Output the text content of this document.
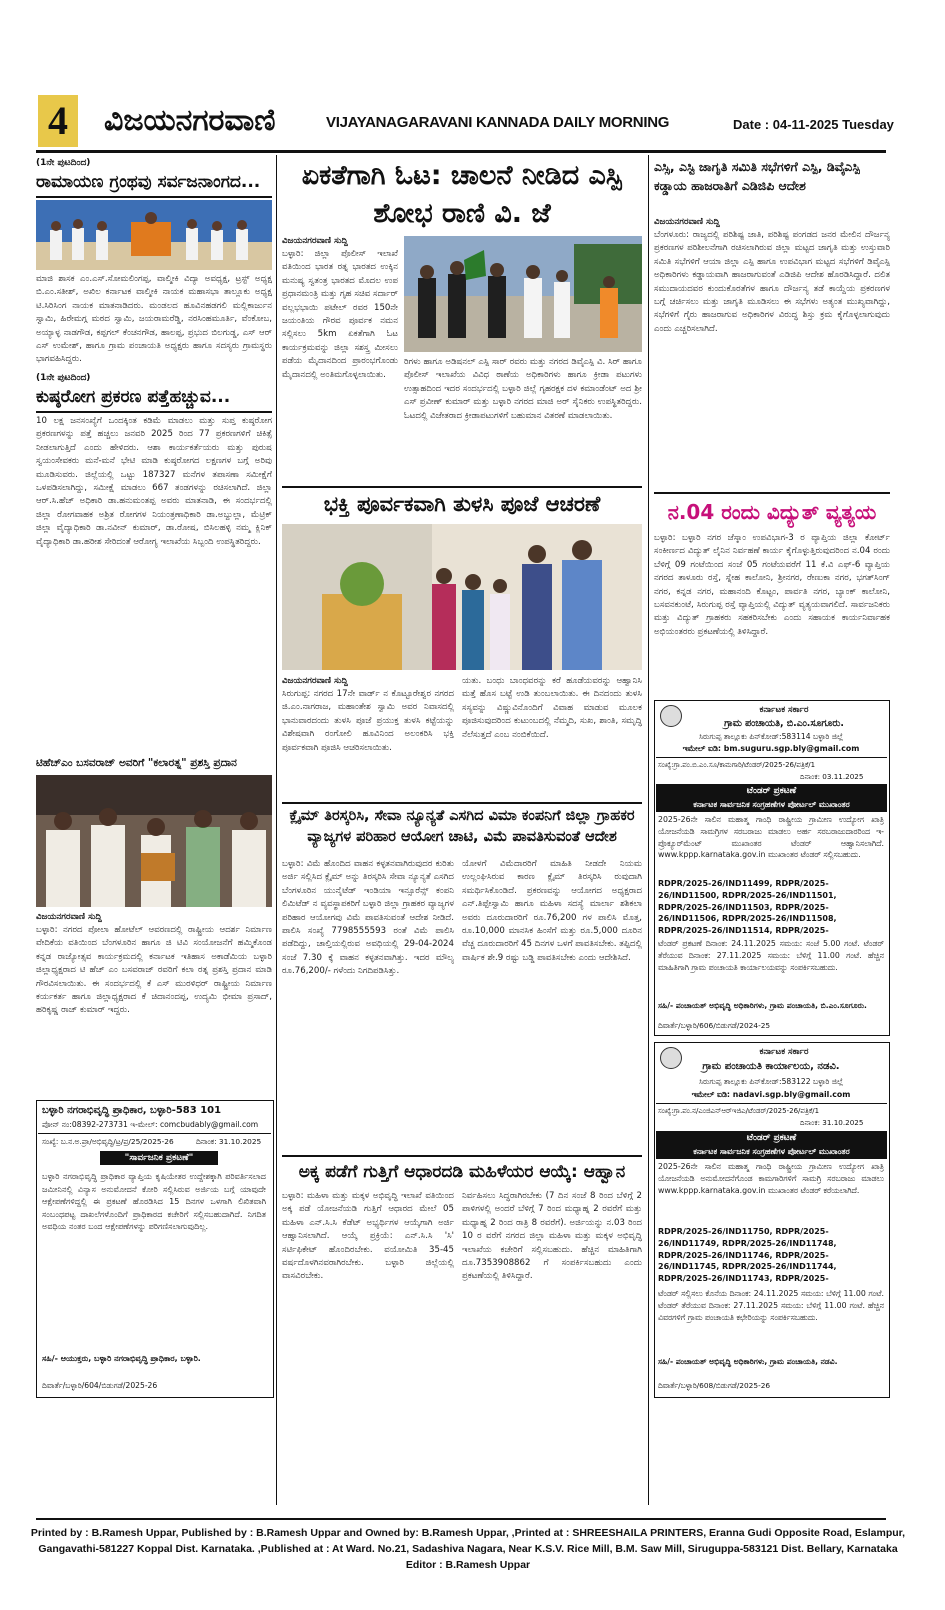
4	ವಿಜಯನಗರವಾಣಿ	VIJAYANAGARAVANI KANNADA DAILY MORNING	Date : 04-11-2025 Tuesday
(1ನೇ ಪುಟದಿಂದ)
ರಾಮಾಯಣ ಗ್ರಂಥವು ಸರ್ವಜನಾಂಗದ...
ಮಾಜಿ ಶಾಸಕ ಎಂ.ಎಸ್.ಸೋಮಲಿಂಗಪ್ಪ, ವಾಲ್ಮೀಕಿ ವಿದ್ಯಾ ಅವಧ್ಯಕ್ಷ, ಟ್ರಸ್ಟ್ ಅಧ್ಯಕ್ಷ ಬಿ.ಎಂ.ಸತೀಶ್, ಅಖಿಲ ಕರ್ನಾಟಕ ವಾಲ್ಮೀಕಿ ನಾಯಕ ಮಹಾಸಭಾ ತಾಲ್ಲೂಕು ಅಧ್ಯಕ್ಷ ಟಿ.ಸಿರಿಸಿಂಗ ನಾಯಕ ಮಾತನಾಡಿದರು. ಮಂಡಲದ ಹೂವಿನಹಡಗಲಿ ಮಲ್ಲಿಕಾರ್ಜುನ ಸ್ವಾಮಿ, ಹಿರೇಮಗ್ಗ ಮಠದ ಸ್ವಾಮಿ, ಜಯರಾಮರೆಡ್ಡಿ, ನರಸಿಂಹಮೂರ್ತಿ, ವೆಂಕೋಬ, ಅಯ್ಯಾಳ್ಳ ನಾಡಗೌಡ, ಕಪ್ಪಗಲ್ ಕೆಂಚನಗೌಡ, ಹಾಲಪ್ಪ, ಪ್ರಭುದ ಬಿಲಗುಡ್ಡ, ಎಸ್ ಆರ್ ಎಸ್ ಉಮೇಶ್, ಹಾಗೂ ಗ್ರಾಮ ಪಂಚಾಯತಿ ಅಧ್ಯಕ್ಷರು ಹಾಗೂ ಸದಸ್ಯರು ಗ್ರಾಮಸ್ಥರು ಭಾಗವಹಿಸಿದ್ದರು.
(1ನೇ ಪುಟದಿಂದ)
ಕುಷ್ಠರೋಗ ಪ್ರಕರಣ ಪತ್ತೆಹಚ್ಚುವ...
10 ಲಕ್ಷ ಜನಸಂಖ್ಯೆಗೆ ಒಂದಕ್ಕಿಂತ ಕಡಿಮೆ ಮಾಡಲು ಮತ್ತು ಸುಪ್ತ ಕುಷ್ಠರೋಗ ಪ್ರಕರಣಗಳನ್ನು ಪತ್ತೆ ಹಚ್ಚಲು ಜನವರಿ 2025 ರಿಂದ 77 ಪ್ರಕರಣಗಳಿಗೆ ಚಿಕಿತ್ಸೆ ನೀಡಲಾಗುತ್ತಿದೆ ಎಂದು ಹೇಳಿದರು. ಆಶಾ ಕಾರ್ಯಕರ್ತೆಯರು ಮತ್ತು ಪುರುಷ ಸ್ವಯಂಸೇವಕರು ಮನೆ-ಮನೆ ಭೇಟಿ ಮಾಡಿ ಕುಷ್ಠರೋಗದ ಲಕ್ಷಣಗಳ ಬಗ್ಗೆ ಅರಿವು ಮೂಡಿಸುವರು. ಜಿಲ್ಲೆಯಲ್ಲಿ ಒಟ್ಟು 187327 ಮನೆಗಳ ತಪಾಸಣಾ ಸಮೀಕ್ಷೆಗೆ ಒಳಪಡಿಸಲಾಗಿದ್ದು, ಸಮೀಕ್ಷೆ ಮಾಡಲು 667 ತಂಡಗಳನ್ನು ರಚಿಸಲಾಗಿದೆ. ಜಿಲ್ಲಾ ಆರ್.ಸಿ.ಹೆಚ್ ಅಧಿಕಾರಿ ಡಾ.ಹನುಮಂತಪ್ಪ ಅವರು ಮಾತನಾಡಿ, ಈ ಸಂದರ್ಭದಲ್ಲಿ ಜಿಲ್ಲಾ ರೋಗವಾಹಕ ಅಶ್ರಿತ ರೋಗಗಳ ನಿಯಂತ್ರಣಾಧಿಕಾರಿ ಡಾ.ಅಬ್ದುಲ್ಲಾ, ಮೆಟ್ರಿಕ್ ಜಿಲ್ಲಾ ವೈದ್ಯಾಧಿಕಾರಿ ಡಾ.ನವೀನ್ ಕುಮಾರ್, ಡಾ.ರೋಷ, ಬಿಸಿಲಹಳ್ಳಿ ನಮ್ಮ ಕ್ಲಿನಿಕ್ ವೈದ್ಯಾಧಿಕಾರಿ ಡಾ.ಹರೀಶ ಸೇರಿದಂತೆ ಆರೋಗ್ಯ ಇಲಾಖೆಯ ಸಿಬ್ಬಂದಿ ಉಪಸ್ಥಿತರಿದ್ದರು.
ಟಿಹೆಚ್‌ಎಂ ಬಸವರಾಜ್ ಅವರಿಗೆ "ಕಲಾರತ್ನ" ಪ್ರಶಸ್ತಿ ಪ್ರದಾನ
ವಿಜಯನಗರವಾಣಿ ಸುದ್ದಿ
ಬಳ್ಳಾರಿ: ನಗರದ ಪೋಲಾ ಹೋಟೆಲ್ ಆವರಣದಲ್ಲಿ ರಾಷ್ಟ್ರೀಯ ಆದರ್ಶ ನಿರ್ಮಾಣ ವೇದಿಕೆಯ ವತಿಯಿಂದ ಬೆಂಗಳೂರಿನ ಹಾಗೂ ಜಿ ಟಿವಿ ಸಂಯೋಜನೆಗೆ ಹಮ್ಮಿಕೊಂಡ ಕನ್ನಡ ರಾಜ್ಯೋತ್ಸವ ಕಾರ್ಯಕ್ರಮದಲ್ಲಿ ಕರ್ನಾಟಕ ಇತಿಹಾಸ ಅಕಾಡೆಮಿಯ ಬಳ್ಳಾರಿ ಜಿಲ್ಲಾಧ್ಯಕ್ಷರಾದ ಟಿ ಹೆಚ್ ಎಂ ಬಸವರಾಜ್ ರವರಿಗೆ ಕಲಾ ರತ್ನ ಪ್ರಶಸ್ತಿ ಪ್ರದಾನ ಮಾಡಿ ಗೌರವಿಸಲಾಯಿತು. ಈ ಸಂದರ್ಭದಲ್ಲಿ ಕೆ ಎಸ್ ಮುರಳಿಧರ್ ರಾಷ್ಟ್ರೀಯ ನಿರ್ಮಾಣ ಕರ್ಯಕರ್ತ ಹಾಗೂ ಜಿಲ್ಲಾಧ್ಯಕ್ಷರಾದ ಕೆ ಚಿದಾನಂದಪ್ಪ, ಉದ್ಯಮಿ ಭೀಮಾ ಪ್ರಸಾದ್, ಹರಿಕೃಷ್ಣ ರಾಜ್ ಕುಮಾರ್ ಇದ್ದರು.
ಬಳ್ಳಾರಿ ನಗರಾಭಿವೃದ್ಧಿ ಪ್ರಾಧಿಕಾರ, ಬಳ್ಳಾರಿ-583 101
ಪೋನ್ ನಂ:08392-273731 ಇ-ಮೇಲ್: comcbudably@gmail.com
ಸಂಖ್ಯೆ: ಬ.ನ.ಅ.ಪ್ರಾ/ಅಭಿವೃದ್ಧಿ/ಟ್ರ/ಪ್ರ/25/2025-26	ದಿನಾಂಕ: 31.10.2025
"ಸಾರ್ವಜನಿಕ ಪ್ರಕಟಣೆ"
ಬಳ್ಳಾರಿ ನಗರಾಭಿವೃದ್ಧಿ ಪ್ರಾಧಿಕಾರ ವ್ಯಾಪ್ತಿಯ ಕೃಷಿಯೇತರ ಉದ್ದೇಶಕ್ಕಾಗಿ ಪರಿವರ್ತಿಸಲಾದ ಜಮೀನಿನಲ್ಲಿ ವಿನ್ಯಾಸ ಅನುಮೋದನೆ ಕೋರಿ ಸಲ್ಲಿಸಿರುವ ಅರ್ಜಿಯ ಬಗ್ಗೆ ಯಾವುದೇ ಆಕ್ಷೇಪಣೆಗಳಿದ್ದಲ್ಲಿ ಈ ಪ್ರಕಟಣೆ ಹೊರಡಿಸಿದ 15 ದಿನಗಳ ಒಳಗಾಗಿ ಲಿಖಿತವಾಗಿ ಸಂಬಂಧಪಟ್ಟ ದಾಖಲೆಗಳೊಂದಿಗೆ ಪ್ರಾಧಿಕಾರದ ಕಚೇರಿಗೆ ಸಲ್ಲಿಸಬಹುದಾಗಿದೆ. ನಿಗದಿತ ಅವಧಿಯ ನಂತರ ಬಂದ ಆಕ್ಷೇಪಣೆಗಳನ್ನು ಪರಿಗಣಿಸಲಾಗುವುದಿಲ್ಲ.
ಸಹಿ/- ಆಯುಕ್ತರು, ಬಳ್ಳಾರಿ ನಗರಾಭಿವೃದ್ಧಿ ಪ್ರಾಧಿಕಾರ, ಬಳ್ಳಾರಿ.
ದಿವಾರ್ತೆ/ಬಳ್ಳಾರಿ/604/ಬಿಡುಗಡೆ/2025-26
ಏಕತೆಗಾಗಿ ಓಟ: ಚಾಲನೆ ನೀಡಿದ ಎಸ್ಪಿ ಶೋಭ ರಾಣಿ ವಿ. ಜೆ
ವಿಜಯನಗರವಾಣಿ ಸುದ್ದಿ
ಬಳ್ಳಾರಿ: ಜಿಲ್ಲಾ ಪೊಲೀಸ್ ಇಲಾಖೆ ವತಿಯಿಂದ ಭಾರತ ರತ್ನ ಭಾರತದ ಉಕ್ಕಿನ ಮನುಷ್ಯ ಸ್ವತಂತ್ರ ಭಾರತದ ಮೊದಲ ಉಪ ಪ್ರಧಾನಮಂತ್ರಿ ಮತ್ತು ಗೃಹ ಸಚಿವ ಸರ್ದಾರ್ ವಲ್ಲಭಭಾಯಿ ಪಟೇಲ್ ರವರ 150ನೇ ಜಯಂತಿಯ ಗೌರವ ಪೂರ್ವಕ ನಮನ ಸಲ್ಲಿಸಲು 5km ಏಕತೆಗಾಗಿ ಓಟ ಕಾರ್ಯಕ್ರಮವನ್ನು ಜಿಲ್ಲಾ ಸಶಸ್ತ್ರ ಮೀಸಲು ಪಡೆಯ ಮೈದಾನದಿಂದ ಪ್ರಾರಂಭಗೊಂಡು ಮೈದಾನದಲ್ಲಿ ಅಂತಿಮಗೊಳ್ಳಲಾಯಿತು.
ರಿಗಳು ಹಾಗೂ ಅಡಿಷನಲ್ ಎಸ್ಪಿ ಸಾರ್ ರವರು ಮತ್ತು ನಗರದ ಡಿವೈಎಸ್ಪಿ ವಿ. ಸಿರ್ ಹಾಗೂ ಪೊಲೀಸ್ ಇಲಾಖೆಯ ವಿವಿಧ ಠಾಣೆಯ ಅಧಿಕಾರಿಗಳು ಹಾಗೂ ಕ್ರೀಡಾ ಪಟುಗಳು ಉತ್ಸಾಹದಿಂದ ಇದರ ಸಂದರ್ಭದಲ್ಲಿ ಬಳ್ಳಾರಿ ಜಿಲ್ಲೆ ಗೃಹರಕ್ಷಕ ದಳ ಕಮಾಂಡೆಂಟ್ ಅದ ಶ್ರೀ ಎಸ್ ಪ್ರವೀಣ್ ಕುಮಾರ್ ಮತ್ತು ಬಳ್ಳಾರಿ ನಗರದ ಮಾಜಿ ಅರ್ ಸೈನಿಕರು ಉಪಸ್ಥಿತರಿದ್ದರು. ಓಟದಲ್ಲಿ ವಿಜೇತರಾದ ಕ್ರೀಡಾಪಟುಗಳಿಗೆ ಬಹುಮಾನ ವಿತರಣೆ ಮಾಡಲಾಯಿತು.
ಭಕ್ತಿ ಪೂರ್ವಕವಾಗಿ ತುಳಸಿ ಪೂಜೆ ಆಚರಣೆ
ವಿಜಯನಗರವಾಣಿ ಸುದ್ದಿ
ಸಿರುಗುಪ್ಪ: ನಗರದ 17ನೇ ವಾರ್ಡ್ ನ ಕೊಟ್ಟೂರೇಶ್ವರ ನಗರದ ಜಿ.ಎಂ.ನಾಗರಾಜ, ಮಹಾಂತೇಶ ಸ್ವಾಮಿ ಅವರ ನಿವಾಸದಲ್ಲಿ ಭಾನುವಾರದಂದು ತುಳಸಿ ಪೂಜೆ ಪ್ರಯುಕ್ತ ತುಳಸಿ ಕಟ್ಟೆಯನ್ನು ವಿಶೇಷವಾಗಿ ರಂಗೋಲಿ ಹೂವಿನಿಂದ ಅಲಂಕರಿಸಿ ಭಕ್ತಿ ಪೂರ್ವಕವಾಗಿ ಪೂಜಿಸಿ ಆಚರಿಸಲಾಯಿತು.
ಯತು. ಬಂಧು ಬಾಂಧವರನ್ನು ಕರೆ ಹೂಡೆಯವರನ್ನು ಆಹ್ವಾನಿಸಿ ಮತ್ತೆ ಹೊಸ ಬಟ್ಟೆ ಉಡಿ ತುಂಬಲಾಯಿತು. ಈ ದಿನದಂದು ತುಳಸಿ ಸಸ್ಯವನ್ನು ವಿಷ್ಣುವಿನೊಂದಿಗೆ ವಿವಾಹ ಮಾಡುವ ಮೂಲಕ ಪೂಜಿಸುವುದರಿಂದ ಕುಟುಂಬದಲ್ಲಿ ನೆಮ್ಮದಿ, ಸುಖ, ಶಾಂತಿ, ಸಮೃದ್ಧಿ ನೆಲೆಸುತ್ತದೆ ಎಂಬ ನಂಬಿಕೆಯಿದೆ.
ಕ್ಲೈಮ್ ತಿರಸ್ಕರಿಸಿ, ಸೇವಾ ನ್ಯೂನ್ಯತೆ ಎಸಗಿದ ವಿಮಾ ಕಂಪನಿಗೆ ಜಿಲ್ಲಾ ಗ್ರಾಹಕರ ವ್ಯಾಜ್ಯಗಳ ಪರಿಹಾರ ಆಯೋಗ ಚಾಟಿ, ವಿಮೆ ಪಾವತಿಸುವಂತೆ ಆದೇಶ
ಬಳ್ಳಾರಿ: ವಿಮೆ ಹೊಂದಿದ ವಾಹನ ಕಳ್ಳತನವಾಗಿರುವುದರ ಕುರಿತು ಅರ್ಜಿ ಸಲ್ಲಿಸಿದ ಕ್ಲೈಮ್ ಅನ್ನು ತಿರಸ್ಕರಿಸಿ ಸೇವಾ ನ್ಯೂನ್ಯತೆ ಎಸಗಿದ ಬೆಂಗಳೂರಿನ ಯುನೈಟೆಡ್ ಇಂಡಿಯಾ ಇನ್ಸೂರೆನ್ಸ್ ಕಂಪನಿ ಲಿಮಿಟೆಡ್ ನ ವ್ಯವಸ್ಥಾಪಕರಿಗೆ ಬಳ್ಳಾರಿ ಜಿಲ್ಲಾ ಗ್ರಾಹಕರ ವ್ಯಾಜ್ಯಗಳ ಪರಿಹಾರ ಆಯೋಗವು ವಿಮೆ ಪಾವತಿಸುವಂತೆ ಆದೇಶ ನೀಡಿದೆ. ಪಾಲಿಸಿ ಸಂಖ್ಯೆ 7798555593 ರಂತೆ ವಿಮೆ ಪಾಲಿಸಿ ಪಡೆದಿದ್ದು, ಚಾಲ್ತಿಯಲ್ಲಿರುವ ಅವಧಿಯಲ್ಲಿ 29-04-2024 ಸಂಜೆ 7.30 ಕ್ಕೆ ವಾಹನ ಕಳ್ಳತನವಾಗಿತ್ತು. ಇದರ ಮೌಲ್ಯ ರೂ.76,200/- ಗಳೆಂದು ನಿಗದಿಪಡಿಸಿತ್ತು.
ಯೋಳಗೆ ವಿಮೆದಾರರಿಗೆ ಮಾಹಿತಿ ನೀಡದೇ ನಿಯಮ ಉಲ್ಲಂಘಿಸಿರುವ ಕಾರಣ ಕ್ಲೈಮ್ ತಿರಸ್ಕರಿಸಿ ರುವುದಾಗಿ ಸಮರ್ಥಿಸಿಕೊಂಡಿದೆ. ಪ್ರಕರಣವನ್ನು ಆಯೋಗದ ಅಧ್ಯಕ್ಷರಾದ ಎನ್.ತಿಪ್ಪೇಸ್ವಾಮಿ ಹಾಗೂ ಮಹಿಳಾ ಸದಸ್ಯೆ ಮಾರ್ಲಾ ಶಶಿಕಲಾ ಅವರು ದೂರುದಾರರಿಗೆ ರೂ.76,200 ಗಳ ಪಾಲಿಸಿ ಮೊತ್ತ, ರೂ.10,000 ಮಾನಸಿಕ ಹಿಂಸೆಗೆ ಮತ್ತು ರೂ.5,000 ದೂರಿನ ವೆಚ್ಚ ದೂರುದಾರರಿಗೆ 45 ದಿನಗಳ ಒಳಗೆ ಪಾವತಿಸಬೇಕು. ತಪ್ಪಿದಲ್ಲಿ ವಾರ್ಷಿಕ ಶೇ.9 ರಷ್ಟು ಬಡ್ಡಿ ಪಾವತಿಸಬೇಕು ಎಂದು ಆದೇಶಿಸಿದೆ.
ಅಕ್ಕ ಪಡೆಗೆ ಗುತ್ತಿಗೆ ಆಧಾರದಡಿ ಮಹಿಳೆಯರ ಆಯ್ಕೆ: ಆಹ್ವಾನ
ಬಳ್ಳಾರಿ: ಮಹಿಳಾ ಮತ್ತು ಮಕ್ಕಳ ಅಭಿವೃದ್ಧಿ ಇಲಾಖೆ ವತಿಯಿಂದ ಅಕ್ಕ ಪಡೆ ಯೋಜನೆಯಡಿ ಗುತ್ತಿಗೆ ಆಧಾರದ ಮೇಲೆ 05 ಮಹಿಳಾ ಎನ್.ಸಿ.ಸಿ ಕೆಡೆಟ್ ಅಭ್ಯರ್ಥಿಗಳ ಆಯ್ಕೆಗಾಗಿ ಅರ್ಜಿ ಆಹ್ವಾನಿಸಲಾಗಿದೆ. ಆಯ್ಕೆ ಪ್ರಕ್ರಿಯೆ: ಎನ್.ಸಿ.ಸಿ 'ಸಿ' ಸರ್ಟಿಫಿಕೇಟ್ ಹೊಂದಿರಬೇಕು. ವಯೋಮಿತಿ 35-45 ವರ್ಷದೊಳಗಿನವರಾಗಿರಬೇಕು. ಬಳ್ಳಾರಿ ಜಿಲ್ಲೆಯಲ್ಲಿ ವಾಸವಿರಬೇಕು.
ನಿರ್ವಹಿಸಲು ಸಿದ್ಧರಾಗಿರಬೇಕು (7 ದಿನ ಸಂಜೆ 8 ರಿಂದ ಬೆಳಿಗ್ಗೆ 2 ಪಾಳಿಗಳಲ್ಲಿ ಅಂದರೆ ಬೆಳಿಗ್ಗೆ 7 ರಿಂದ ಮಧ್ಯಾಹ್ನ 2 ರವರೆಗೆ ಮತ್ತು ಮಧ್ಯಾಹ್ನ 2 ರಿಂದ ರಾತ್ರಿ 8 ರವರೆಗೆ). ಅರ್ಜಿಯನ್ನು ನ.03 ರಿಂದ 10 ರ ವರೆಗೆ ನಗರದ ಜಿಲ್ಲಾ ಮಹಿಳಾ ಮತ್ತು ಮಕ್ಕಳ ಅಭಿವೃದ್ಧಿ ಇಲಾಖೆಯ ಕಚೇರಿಗೆ ಸಲ್ಲಿಸಬಹುದು. ಹೆಚ್ಚಿನ ಮಾಹಿತಿಗಾಗಿ ದೂ.7353908862 ಗೆ ಸಂಪರ್ಕಿಸಬಹುದು ಎಂದು ಪ್ರಕಟಣೆಯಲ್ಲಿ ತಿಳಿಸಿದ್ದಾರೆ.
ಎಸ್ಸಿ, ಎಸ್ಟಿ ಜಾಗೃತಿ ಸಮಿತಿ ಸಭೆಗಳಿಗೆ ಎಸ್ಪಿ, ಡಿವೈಎಸ್ಪಿ ಕಡ್ಡಾಯ ಹಾಜರಾತಿಗೆ ಎಡಿಜಿಪಿ ಆದೇಶ
ವಿಜಯನಗರವಾಣಿ ಸುದ್ದಿ
ಬೆಂಗಳೂರು: ರಾಜ್ಯದಲ್ಲಿ ಪರಿಶಿಷ್ಟ ಜಾತಿ, ಪರಿಶಿಷ್ಟ ಪಂಗಡದ ಜನರ ಮೇಲಿನ ದೌರ್ಜನ್ಯ ಪ್ರಕರಣಗಳ ಪರಿಶೀಲನೆಗಾಗಿ ರಚಿಸಲಾಗಿರುವ ಜಿಲ್ಲಾ ಮಟ್ಟದ ಜಾಗೃತಿ ಮತ್ತು ಉಸ್ತುವಾರಿ ಸಮಿತಿ ಸಭೆಗಳಿಗೆ ಆಯಾ ಜಿಲ್ಲಾ ಎಸ್ಪಿ ಹಾಗೂ ಉಪವಿಭಾಗ ಮಟ್ಟದ ಸಭೆಗಳಿಗೆ ಡಿವೈಎಸ್ಪಿ ಅಧಿಕಾರಿಗಳು ಕಡ್ಡಾಯವಾಗಿ ಹಾಜರಾಗುವಂತೆ ಎಡಿಜಿಪಿ ಆದೇಶ ಹೊರಡಿಸಿದ್ದಾರೆ. ದಲಿತ ಸಮುದಾಯದವರ ಕುಂದುಕೊರತೆಗಳ ಹಾಗೂ ದೌರ್ಜನ್ಯ ತಡೆ ಕಾಯ್ದೆಯ ಪ್ರಕರಣಗಳ ಬಗ್ಗೆ ಚರ್ಚಿಸಲು ಮತ್ತು ಜಾಗೃತಿ ಮೂಡಿಸಲು ಈ ಸಭೆಗಳು ಅತ್ಯಂತ ಮುಖ್ಯವಾಗಿದ್ದು, ಸಭೆಗಳಿಗೆ ಗೈರು ಹಾಜರಾಗುವ ಅಧಿಕಾರಿಗಳ ವಿರುದ್ಧ ಶಿಸ್ತು ಕ್ರಮ ಕೈಗೊಳ್ಳಲಾಗುವುದು ಎಂದು ಎಚ್ಚರಿಸಲಾಗಿದೆ.
ನ.04 ರಂದು ವಿದ್ಯುತ್ ವ್ಯತ್ಯಯ
ಬಳ್ಳಾರಿ: ಬಳ್ಳಾರಿ ನಗರ ಜೆಸ್ಕಾಂ ಉಪವಿಭಾಗ-3 ರ ವ್ಯಾಪ್ತಿಯ ಜಿಲ್ಲಾ ಕೋರ್ಟ್ ಸಂಕೀರ್ಣದ ವಿದ್ಯುತ್ ಲೈನಿನ ನಿರ್ವಹಣೆ ಕಾರ್ಯ ಕೈಗೊಳ್ಳುತ್ತಿರುವುದರಿಂದ ನ.04 ರಂದು ಬೆಳಿಗ್ಗೆ 09 ಗಂಟೆಯಿಂದ ಸಂಜೆ 05 ಗಂಟೆಯವರೆಗೆ 11 ಕೆ.ವಿ ಎಫ್-6 ವ್ಯಾಪ್ತಿಯ ನಗರದ ತಾಳೂರು ರಸ್ತೆ, ಸ್ನೇಹ ಕಾಲೋನಿ, ಶ್ರೀನಗರ, ರೇಣುಕಾ ನಗರ, ಭಗತ್‌ಸಿಂಗ್ ನಗರ, ಕನ್ನಡ ನಗರ, ಮಹಾನಂದಿ ಕೊಟ್ಟಂ, ಪಾರ್ವತಿ ನಗರ, ಬ್ಯಾಂಕ್ ಕಾಲೋನಿ, ಬಸವನಕುಂಟೆ, ಸಿರುಗುಪ್ಪ ರಸ್ತೆ ವ್ಯಾಪ್ತಿಯಲ್ಲಿ ವಿದ್ಯುತ್ ವ್ಯತ್ಯಯವಾಗಲಿದೆ. ಸಾರ್ವಜನಿಕರು ಮತ್ತು ವಿದ್ಯುತ್ ಗ್ರಾಹಕರು ಸಹಕರಿಸಬೇಕು ಎಂದು ಸಹಾಯಕ ಕಾರ್ಯನಿರ್ವಾಹಕ ಅಭಿಯಂತರರು ಪ್ರಕಟಣೆಯಲ್ಲಿ ತಿಳಿಸಿದ್ದಾರೆ.
ಕರ್ನಾಟಕ ಸರ್ಕಾರ
ಗ್ರಾಮ ಪಂಚಾಯತಿ, ಬಿ.ಎಂ.ಸೂಗೂರು.
ಸಿರುಗುಪ್ಪ ತಾಲ್ಲೂಕು ಪಿನ್‌ಕೋಡ್:583114 ಬಳ್ಳಾರಿ ಜಿಲ್ಲೆ
ಇಮೇಲ್ ಐಡಿ: bm.suguru.sgp.bly@gmail.com
ಸಂಖ್ಯೆ:ಗ್ರಾ.ಪಂ.ಬಿ.ಎಂ.ಸೂ/ಕಾಮಗಾರಿ/ಟೆಂಡರ್/2025-26/ಪತ್ರಿಕೆ/1
ದಿನಾಂಕ: 03.11.2025
ಟೆಂಡರ್ ಪ್ರಕಟಣೆ
ಕರ್ನಾಟಕ ಸಾರ್ವಜನಿಕ ಸಂಗ್ರಹಣೆಗಳ ಪೋರ್ಟಲ್ ಮುಖಾಂತರ
2025-26ನೇ ಸಾಲಿನ ಮಹಾತ್ಮ ಗಾಂಧಿ ರಾಷ್ಟ್ರೀಯ ಗ್ರಾಮೀಣ ಉದ್ಯೋಗ ಖಾತ್ರಿ ಯೋಜನೆಯಡಿ ಸಾಮಗ್ರಿಗಳ ಸರಬರಾಜು ಮಾಡಲು ಅರ್ಹ ಸರಬರಾಜುದಾರರಿಂದ ಇ-ಪ್ರೊಕ್ಯೂರ್‌ಮೆಂಟ್ ಮುಖಾಂತರ ಟೆಂಡರ್ ಆಹ್ವಾನಿಸಲಾಗಿದೆ. www.kppp.karnataka.gov.in ಮುಖಾಂತರ ಟೆಂಡರ್ ಸಲ್ಲಿಸಬಹುದು.
RDPR/2025-26/IND11499, RDPR/2025-26/IND11500, RDPR/2025-26/IND11501, RDPR/2025-26/IND11503, RDPR/2025-26/IND11506, RDPR/2025-26/IND11508, RDPR/2025-26/IND11514, RDPR/2025-
ಟೆಂಡರ್ ಪ್ರಕಟಣೆ ದಿನಾಂಕ: 24.11.2025 ಸಮಯ: ಸಂಜೆ 5.00 ಗಂಟೆ. ಟೆಂಡರ್ ತೆರೆಯುವ ದಿನಾಂಕ: 27.11.2025 ಸಮಯ: ಬೆಳಿಗ್ಗೆ 11.00 ಗಂಟೆ. ಹೆಚ್ಚಿನ ಮಾಹಿತಿಗಾಗಿ ಗ್ರಾಮ ಪಂಚಾಯತಿ ಕಾರ್ಯಾಲಯವನ್ನು ಸಂಪರ್ಕಿಸಬಹುದು.
ಸಹಿ/- ಪಂಚಾಯತ್ ಅಭಿವೃದ್ಧಿ ಅಧಿಕಾರಿಗಳು, ಗ್ರಾಮ ಪಂಚಾಯತಿ, ಬಿ.ಎಂ.ಸೂಗೂರು.
ದಿವಾರ್ತೆ/ಬಳ್ಳಾರಿ/606/ಬಿಡುಗಡೆ/2024-25
ಕರ್ನಾಟಕ ಸರ್ಕಾರ
ಗ್ರಾಮ ಪಂಚಾಯತಿ ಕಾರ್ಯಾಲಯ, ನಡವಿ.
ಸಿರುಗುಪ್ಪ ತಾಲ್ಲೂಕು ಪಿನ್‌ಕೋಡ್:583122 ಬಳ್ಳಾರಿ ಜಿಲ್ಲೆ
ಇಮೇಲ್ ಐಡಿ: nadavi.sgp.bly@gmail.com
ಸಂಖ್ಯೆ:ಗ್ರಾ.ಪಂ.ನ/ಎಂಜಿಎನ್‌ಆರ್‌ಇಜಿಎ/ಟೆಂಡರ್/2025-26/ಪತ್ರಿಕೆ/1
ದಿನಾಂಕ: 31.10.2025
ಟೆಂಡರ್ ಪ್ರಕಟಣೆ
ಕರ್ನಾಟಕ ಸಾರ್ವಜನಿಕ ಸಂಗ್ರಹಣೆಗಳ ಪೋರ್ಟಲ್ ಮುಖಾಂತರ
2025-26ನೇ ಸಾಲಿನ ಮಹಾತ್ಮ ಗಾಂಧಿ ರಾಷ್ಟ್ರೀಯ ಗ್ರಾಮೀಣ ಉದ್ಯೋಗ ಖಾತ್ರಿ ಯೋಜನೆಯಡಿ ಅನುಮೋದನೆಗೊಂಡ ಕಾಮಗಾರಿಗಳಿಗೆ ಸಾಮಗ್ರಿ ಸರಬರಾಜು ಮಾಡಲು www.kppp.karnataka.gov.in ಮುಖಾಂತರ ಟೆಂಡರ್ ಕರೆಯಲಾಗಿದೆ.
RDPR/2025-26/IND11750, RDPR/2025-26/IND11749, RDPR/2025-26/IND11748, RDPR/2025-26/IND11746, RDPR/2025-26/IND11745, RDPR/2025-26/IND11744, RDPR/2025-26/IND11743, RDPR/2025-
ಟೆಂಡರ್ ಸಲ್ಲಿಸಲು ಕೊನೆಯ ದಿನಾಂಕ: 24.11.2025 ಸಮಯ: ಬೆಳಿಗ್ಗೆ 11.00 ಗಂಟೆ. ಟೆಂಡರ್ ತೆರೆಯುವ ದಿನಾಂಕ: 27.11.2025 ಸಮಯ: ಬೆಳಿಗ್ಗೆ 11.00 ಗಂಟೆ. ಹೆಚ್ಚಿನ ವಿವರಗಳಿಗೆ ಗ್ರಾಮ ಪಂಚಾಯತಿ ಕಛೇರಿಯನ್ನು ಸಂಪರ್ಕಿಸಬಹುದು.
ಸಹಿ/- ಪಂಚಾಯತ್ ಅಭಿವೃದ್ಧಿ ಅಧಿಕಾರಿಗಳು, ಗ್ರಾಮ ಪಂಚಾಯತಿ, ನಡವಿ.
ದಿವಾರ್ತೆ/ಬಳ್ಳಾರಿ/608/ಬಿಡುಗಡೆ/2025-26
Printed by : B.Ramesh Uppar, Published by : B.Ramesh Uppar and Owned by: B.Ramesh Uppar, ,Printed at : SHREESHAILA PRINTERS, Eranna Gudi Opposite Road, Eslampur, Gangavathi-581227 Koppal Dist. Karnataka. ,Published at : At Ward. No.21, Sadashiva Nagara, Near K.S.V. Rice Mill, B.M. Saw Mill, Siruguppa-583121 Dist. Bellary, Karnataka Editor : B.Ramesh Uppar
